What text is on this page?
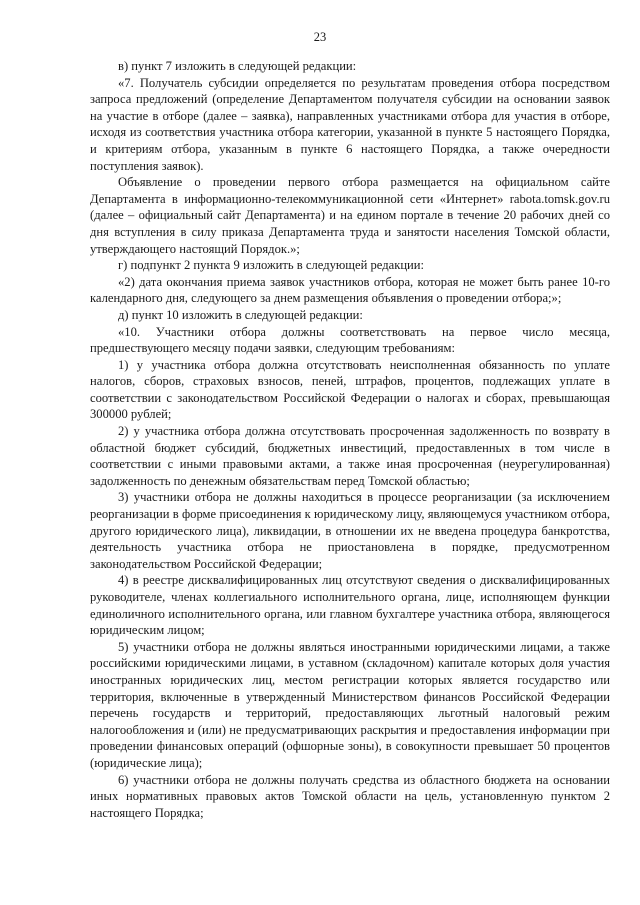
23

в) пункт 7 изложить в следующей редакции:

«7. Получатель субсидии определяется по результатам проведения отбора посредством запроса предложений (определение Департаментом получателя субсидии на основании заявок на участие в отборе (далее – заявка), направленных участниками отбора для участия в отборе, исходя из соответствия участника отбора категории, указанной в пункте 5 настоящего Порядка, и критериям отбора, указанным в пункте 6 настоящего Порядка, а также очередности поступления заявок).

Объявление о проведении первого отбора размещается на официальном сайте Департамента в информационно-телекоммуникационной сети «Интернет» rabota.tomsk.gov.ru (далее – официальный сайт Департамента) и на едином портале в течение 20 рабочих дней со дня вступления в силу приказа Департамента труда и занятости населения Томской области, утверждающего настоящий Порядок.»;

г) подпункт 2 пункта 9 изложить в следующей редакции:

«2) дата окончания приема заявок участников отбора, которая не может быть ранее 10-го календарного дня, следующего за днем размещения объявления о проведении отбора;»;

д) пункт 10 изложить в следующей редакции:

«10. Участники отбора должны соответствовать на первое число месяца, предшествующего месяцу подачи заявки, следующим требованиям:

1) у участника отбора должна отсутствовать неисполненная обязанность по уплате налогов, сборов, страховых взносов, пеней, штрафов, процентов, подлежащих уплате в соответствии с законодательством Российской Федерации о налогах и сборах, превышающая 300000 рублей;

2) у участника отбора должна отсутствовать просроченная задолженность по возврату в областной бюджет субсидий, бюджетных инвестиций, предоставленных в том числе в соответствии с иными правовыми актами, а также иная просроченная (неурегулированная) задолженность по денежным обязательствам перед Томской областью;

3) участники отбора не должны находиться в процессе реорганизации (за исключением реорганизации в форме присоединения к юридическому лицу, являющемуся участником отбора, другого юридического лица), ликвидации, в отношении их не введена процедура банкротства, деятельность участника отбора не приостановлена в порядке, предусмотренном законодательством Российской Федерации;

4) в реестре дисквалифицированных лиц отсутствуют сведения о дисквалифицированных руководителе, членах коллегиального исполнительного органа, лице, исполняющем функции единоличного исполнительного органа, или главном бухгалтере участника отбора, являющегося юридическим лицом;

5) участники отбора не должны являться иностранными юридическими лицами, а также российскими юридическими лицами, в уставном (складочном) капитале которых доля участия иностранных юридических лиц, местом регистрации которых является государство или территория, включенные в утвержденный Министерством финансов Российской Федерации перечень государств и территорий, предоставляющих льготный налоговый режим налогообложения и (или) не предусматривающих раскрытия и предоставления информации при проведении финансовых операций (офшорные зоны), в совокупности превышает 50 процентов (юридические лица);

6) участники отбора не должны получать средства из областного бюджета на основании иных нормативных правовых актов Томской области на цель, установленную пунктом 2 настоящего Порядка;
